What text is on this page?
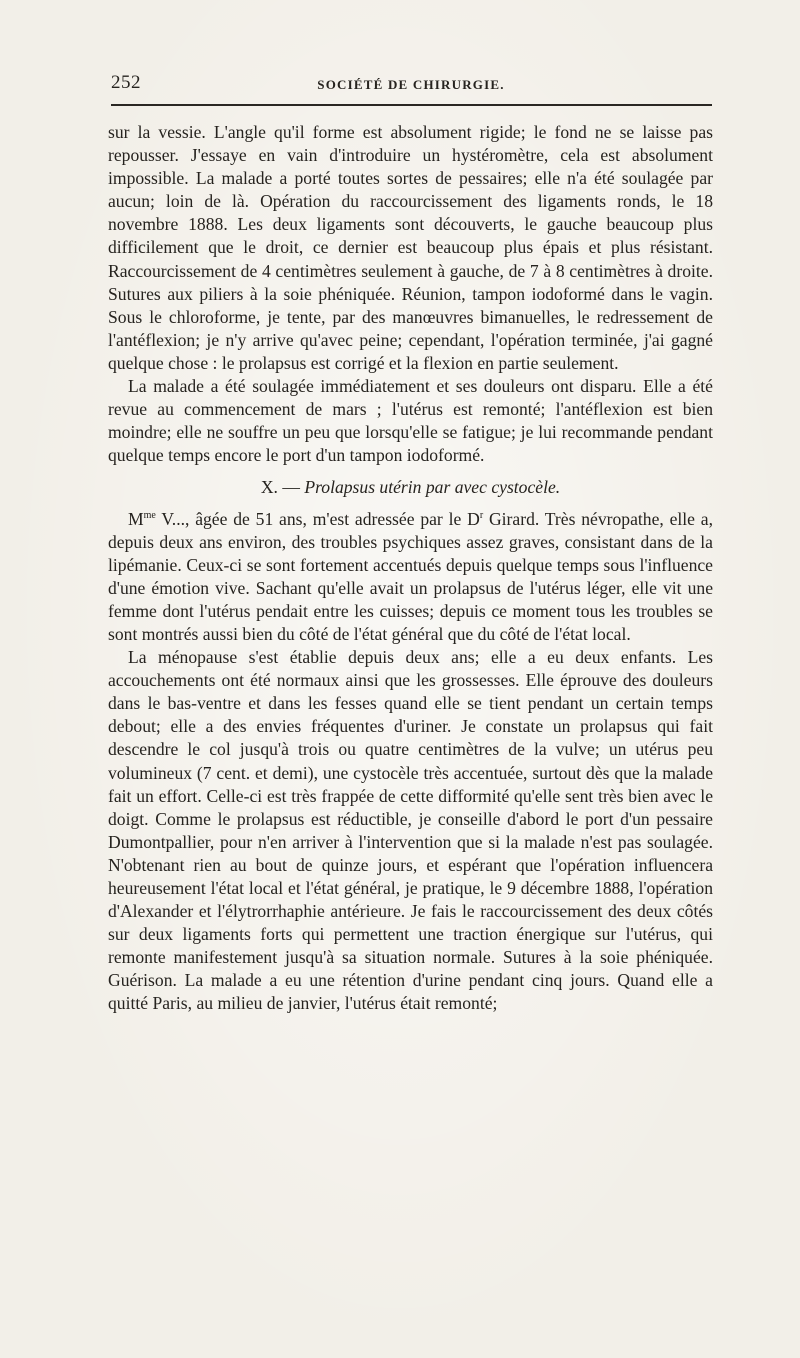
252	SOCIÉTÉ DE CHIRURGIE.

sur la vessie. L'angle qu'il forme est absolument rigide; le fond ne se laisse pas repousser. J'essaye en vain d'introduire un hystéromètre, cela est absolument impossible. La malade a porté toutes sortes de pessaires; elle n'a été soulagée par aucun; loin de là. Opération du raccourcissement des ligaments ronds, le 18 novembre 1888. Les deux ligaments sont découverts, le gauche beaucoup plus difficilement que le droit, ce dernier est beaucoup plus épais et plus résistant. Raccourcissement de 4 centimètres seulement à gauche, de 7 à 8 centimètres à droite. Sutures aux piliers à la soie phéniquée. Réunion, tampon iodoformé dans le vagin. Sous le chloroforme, je tente, par des manœuvres bimanuelles, le redressement de l'antéflexion; je n'y arrive qu'avec peine; cependant, l'opération terminée, j'ai gagné quelque chose : le prolapsus est corrigé et la flexion en partie seulement.

La malade a été soulagée immédiatement et ses douleurs ont disparu. Elle a été revue au commencement de mars ; l'utérus est remonté; l'antéflexion est bien moindre; elle ne souffre un peu que lorsqu'elle se fatigue; je lui recommande pendant quelque temps encore le port d'un tampon iodoformé.

X. — Prolapsus utérin par avec cystocèle.

$M^{me}$ V..., âgée de 51 ans, m'est adressée par le $D^r$ Girard. Très névropathe, elle a, depuis deux ans environ, des troubles psychiques assez graves, consistant dans de la lipémanie. Ceux-ci se sont fortement accentués depuis quelque temps sous l'influence d'une émotion vive. Sachant qu'elle avait un prolapsus de l'utérus léger, elle vit une femme dont l'utérus pendait entre les cuisses; depuis ce moment tous les troubles se sont montrés aussi bien du côté de l'état général que du côté de l'état local.

La ménopause s'est établie depuis deux ans; elle a eu deux enfants. Les accouchements ont été normaux ainsi que les grossesses. Elle éprouve des douleurs dans le bas-ventre et dans les fesses quand elle se tient pendant un certain temps debout; elle a des envies fréquentes d'uriner. Je constate un prolapsus qui fait descendre le col jusqu'à trois ou quatre centimètres de la vulve; un utérus peu volumineux (7 cent. et demi), une cystocèle très accentuée, surtout dès que la malade fait un effort. Celle-ci est très frappée de cette difformité qu'elle sent très bien avec le doigt. Comme le prolapsus est réductible, je conseille d'abord le port d'un pessaire Dumontpallier, pour n'en arriver à l'intervention que si la malade n'est pas soulagée. N'obtenant rien au bout de quinze jours, et espérant que l'opération influencera heureusement l'état local et l'état général, je pratique, le 9 décembre 1888, l'opération d'Alexander et l'élytrorrhaphie antérieure. Je fais le raccourcissement des deux côtés sur deux ligaments forts qui permettent une traction énergique sur l'utérus, qui remonte manifestement jusqu'à sa situation normale. Sutures à la soie phéniquée. Guérison. La malade a eu une rétention d'urine pendant cinq jours. Quand elle a quitté Paris, au milieu de janvier, l'utérus était remonté;
